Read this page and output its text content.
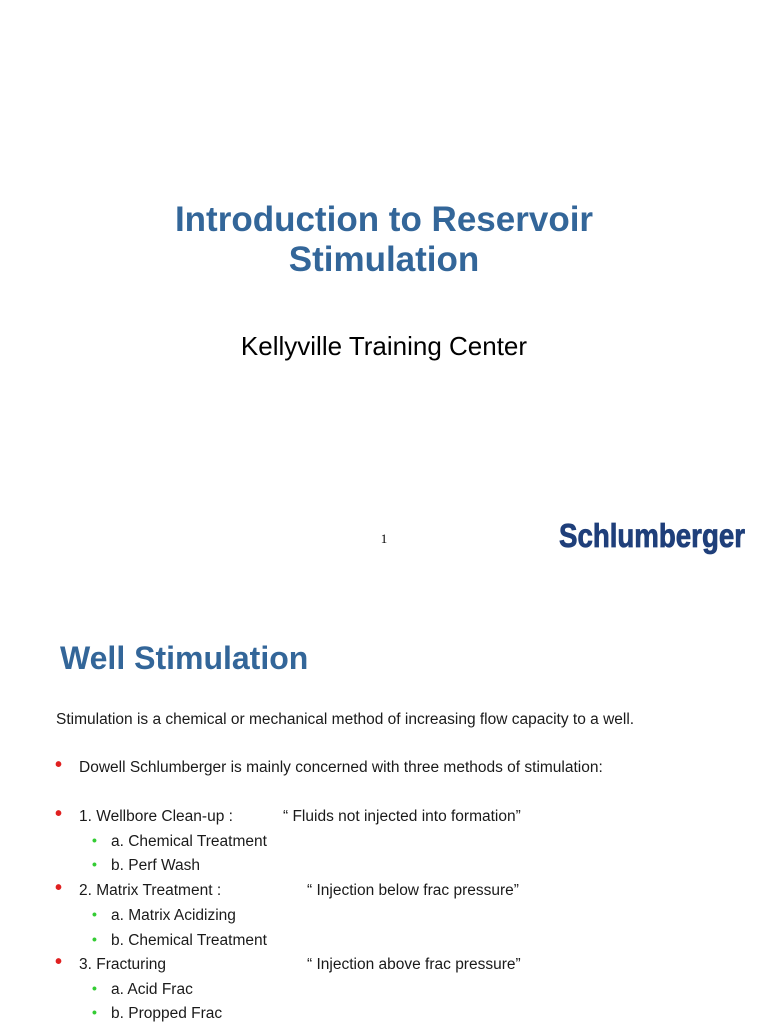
Introduction to Reservoir
Stimulation
Kellyville Training Center
1	Schlumberger
Well Stimulation
Stimulation is a chemical or mechanical method of increasing flow capacity to a well.
• Dowell Schlumberger is mainly concerned with three methods of stimulation:
• 1. Wellbore Clean-up :	“ Fluids not injected into formation”
• a. Chemical Treatment
• b. Perf Wash
• 2. Matrix Treatment :	“ Injection below frac pressure”
• a. Matrix Acidizing
• b. Chemical Treatment
• 3. Fracturing	“ Injection above frac pressure”
• a. Acid Frac
• b. Propped Frac
